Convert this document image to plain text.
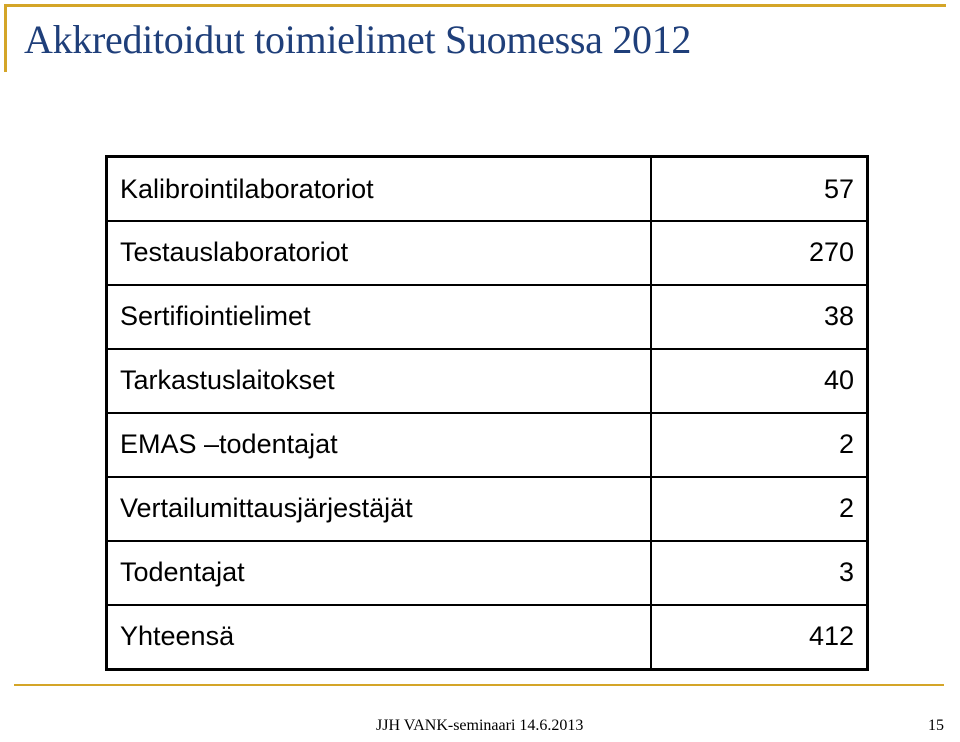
Akkreditoidut toimielimet Suomessa 2012
Kalibrointilaboratoriot	57
Testauslaboratoriot	270
Sertifiointielimet	38
Tarkastuslaitokset	40
EMAS –todentajat	2
Vertailumittausjärjestäjät	2
Todentajat	3
Yhteensä	412
JJH VANK-seminaari 14.6.2013	15
